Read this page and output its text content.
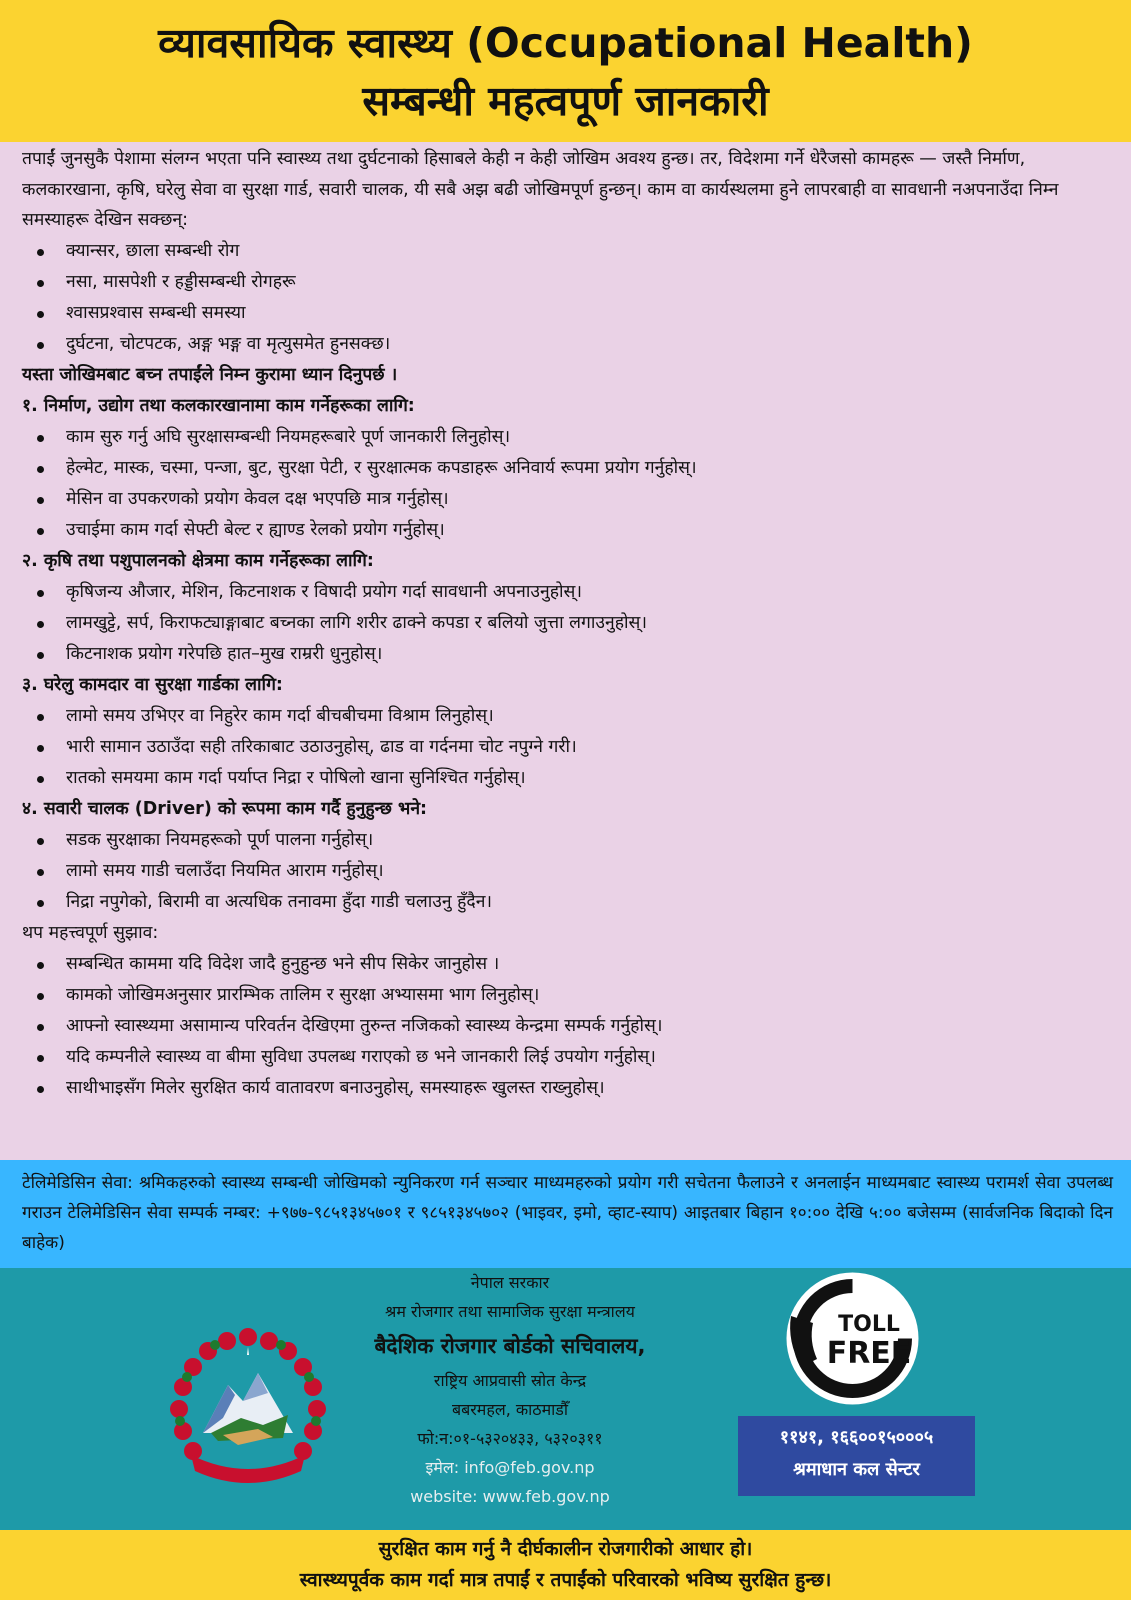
व्यावसायिक स्वास्थ्य (Occupational Health)
सम्बन्धी महत्वपूर्ण जानकारी

तपाईं जुनसुकै पेशामा संलग्न भएता पनि स्वास्थ्य तथा दुर्घटनाको हिसाबले केही न केही जोखिम अवश्य हुन्छ। तर, विदेशमा गर्ने धेरैजसो कामहरू — जस्तै निर्माण, कलकारखाना, कृषि, घरेलु सेवा वा सुरक्षा गार्ड, सवारी चालक, यी सबै अझ बढी जोखिमपूर्ण हुन्छन्। काम वा कार्यस्थलमा हुने लापरबाही वा सावधानी नअपनाउँदा निम्न समस्याहरू देखिन सक्छन्:

क्यान्सर, छाला सम्बन्धी रोग
नसा, मासपेशी र हड्डीसम्बन्धी रोगहरू
श्वासप्रश्वास सम्बन्धी समस्या
दुर्घटना, चोटपटक, अङ्ग भङ्ग वा मृत्युसमेत हुनसक्छ।
यस्ता जोखिमबाट बच्न तपाईंले निम्न कुरामा ध्यान दिनुपर्छ ।
१. निर्माण, उद्योग तथा कलकारखानामा काम गर्नेहरूका लागि:
काम सुरु गर्नु अघि सुरक्षासम्बन्धी नियमहरूबारे पूर्ण जानकारी लिनुहोस्।
हेल्मेट, मास्क, चस्मा, पन्जा, बुट, सुरक्षा पेटी, र सुरक्षात्मक कपडाहरू अनिवार्य रूपमा प्रयोग गर्नुहोस्।
मेसिन वा उपकरणको प्रयोग केवल दक्ष भएपछि मात्र गर्नुहोस्।
उचाईमा काम गर्दा सेफ्टी बेल्ट र ह्याण्ड रेलको प्रयोग गर्नुहोस्।
२. कृषि तथा पशुपालनको क्षेत्रमा काम गर्नेहरूका लागि:
कृषिजन्य औजार, मेशिन, किटनाशक र विषादी प्रयोग गर्दा सावधानी अपनाउनुहोस्।
लामखुट्टे, सर्प, किराफट्याङ्गाबाट बच्नका लागि शरीर ढाक्ने कपडा र बलियो जुत्ता लगाउनुहोस्।
किटनाशक प्रयोग गरेपछि हात–मुख राम्ररी धुनुहोस्।
३. घरेलु कामदार वा सुरक्षा गार्डका लागि:
लामो समय उभिएर वा निहुरेर काम गर्दा बीचबीचमा विश्राम लिनुहोस्।
भारी सामान उठाउँदा सही तरिकाबाट उठाउनुहोस्, ढाड वा गर्दनमा चोट नपुग्ने गरी।
रातको समयमा काम गर्दा पर्याप्त निद्रा र पोषिलो खाना सुनिश्चित गर्नुहोस्।
४. सवारी चालक (Driver) को रूपमा काम गर्दै हुनुहुन्छ भने:
सडक सुरक्षाका नियमहरूको पूर्ण पालना गर्नुहोस्।
लामो समय गाडी चलाउँदा नियमित आराम गर्नुहोस्।
निद्रा नपुगेको, बिरामी वा अत्यधिक तनावमा हुँदा गाडी चलाउनु हुँदैन।
थप महत्त्वपूर्ण सुझाव:
सम्बन्धित काममा यदि विदेश जादै हुनुहुन्छ भने सीप सिकेर जानुहोस ।
कामको जोखिमअनुसार प्रारम्भिक तालिम र सुरक्षा अभ्यासमा भाग लिनुहोस्।
आफ्नो स्वास्थ्यमा असामान्य परिवर्तन देखिएमा तुरुन्त नजिकको स्वास्थ्य केन्द्रमा सम्पर्क गर्नुहोस्।
यदि कम्पनीले स्वास्थ्य वा बीमा सुविधा उपलब्ध गराएको छ भने जानकारी लिई उपयोग गर्नुहोस्।
साथीभाइसँग मिलेर सुरक्षित कार्य वातावरण बनाउनुहोस्, समस्याहरू खुलस्त राख्नुहोस्।
टेलिमेडिसिन सेवा: श्रमिकहरुको स्वास्थ्य सम्बन्धी जोखिमको न्युनिकरण गर्न सञ्चार माध्यमहरुको प्रयोग गरी सचेतना फैलाउने र अनलाईन माध्यमबाट स्वास्थ्य परामर्श सेवा उपलब्ध गराउन टेलिमेडिसिन सेवा सम्पर्क नम्बर: +९७७-९८५१३४५७०१ र ९८५१३४५७०२ (भाइवर, इमो, व्हाट-स्याप) आइतबार बिहान १०:०० देखि ५:०० बजेसम्म (सार्वजनिक बिदाको दिन बाहेक)
नेपाल सरकार
श्रम रोजगार तथा सामाजिक सुरक्षा मन्त्रालय
बैदेशिक रोजगार बोर्डको सचिवालय,
राष्ट्रिय आप्रवासी स्रोत केन्द्र
बबरमहल, काठमाडौँ
फो:न:०१-५३२०४३३, ५३२०३११
इमेल: info@feb.gov.np
website: www.feb.gov.np
TOLL
FREE
११४१, १६६००१५०००५
श्रमाधान कल सेन्टर
सुरक्षित काम गर्नु नै दीर्घकालीन रोजगारीको आधार हो।
स्वास्थ्यपूर्वक काम गर्दा मात्र तपाईं र तपाईंको परिवारको भविष्य सुरक्षित हुन्छ।
